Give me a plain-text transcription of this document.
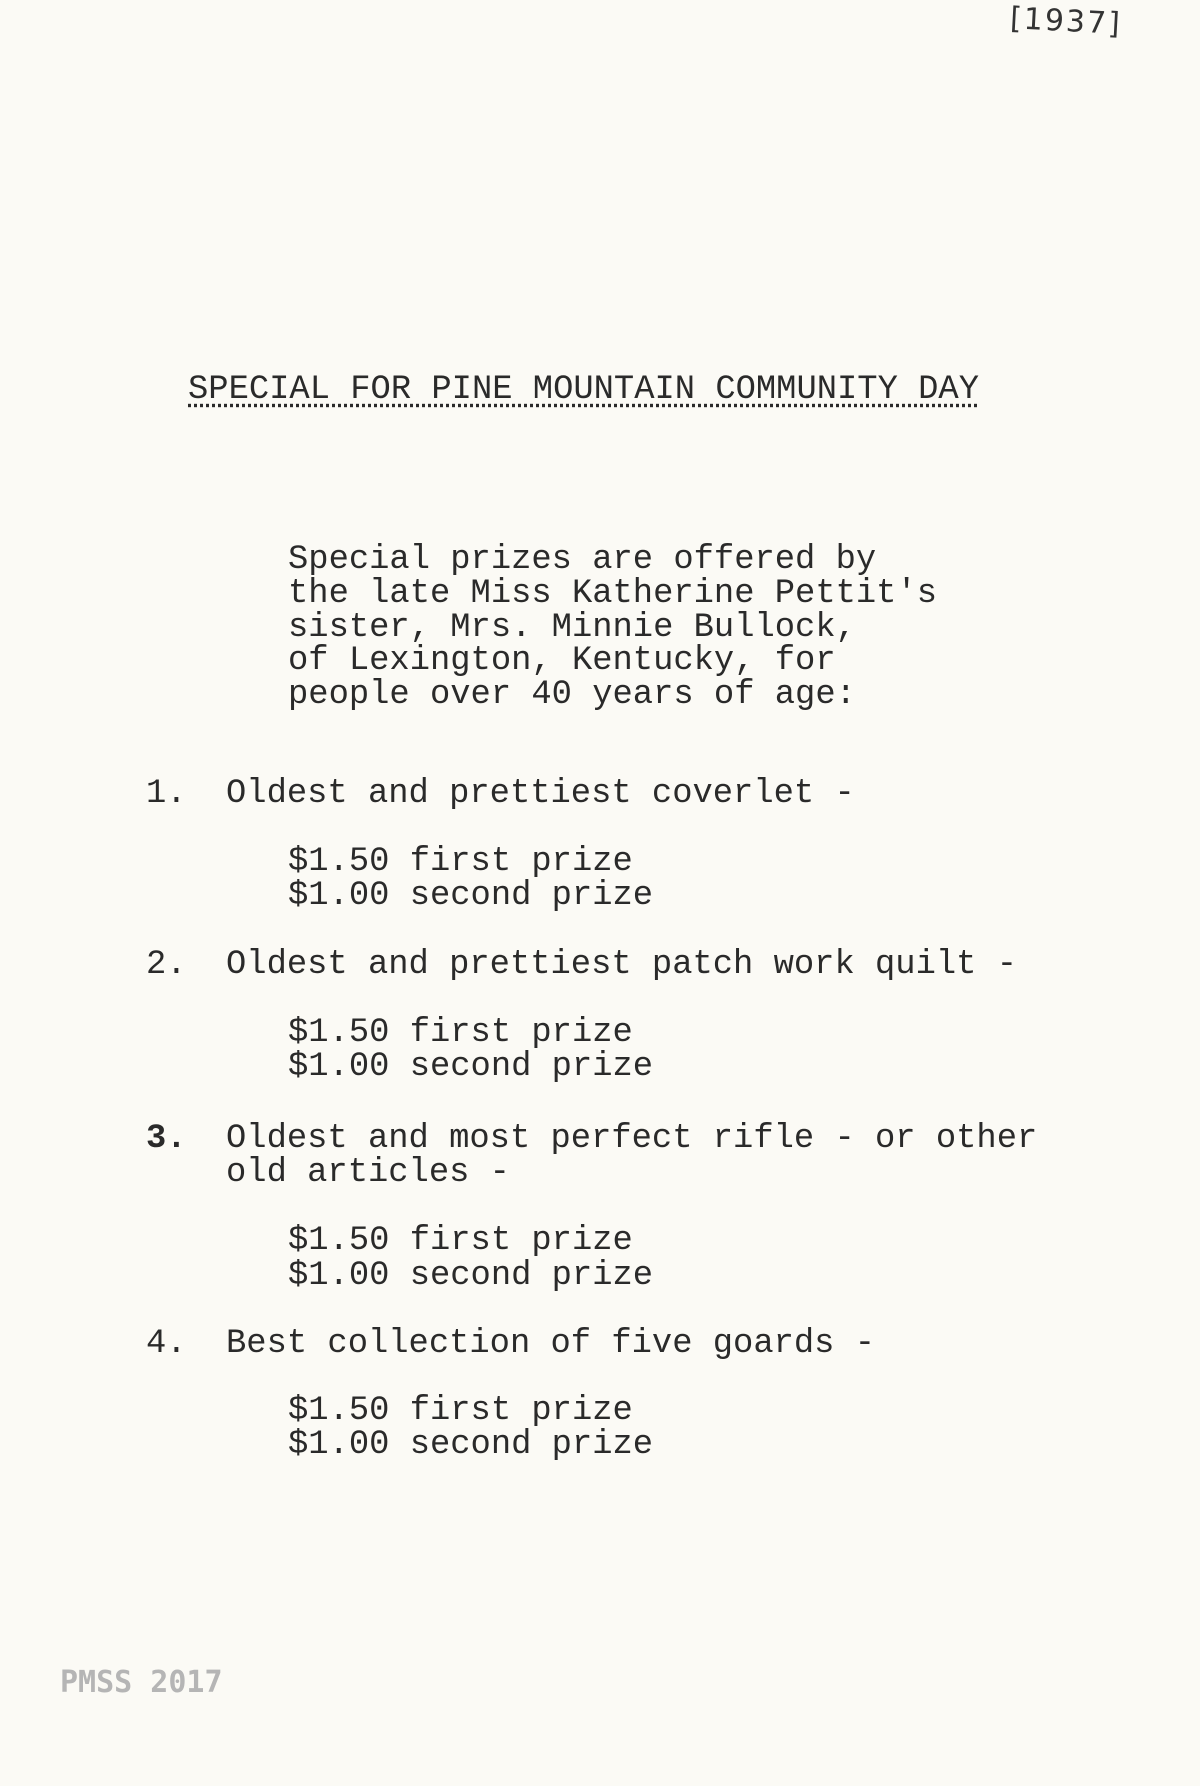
[1937]
SPECIAL FOR PINE MOUNTAIN COMMUNITY DAY
Special prizes are offered by
the late Miss Katherine Pettit's
sister, Mrs. Minnie Bullock,
of Lexington, Kentucky, for
people over 40 years of age:
1. Oldest and prettiest coverlet -
$1.50 first prize
$1.00 second prize
2. Oldest and prettiest patch work quilt -
$1.50 first prize
$1.00 second prize
3. Oldest and most perfect rifle - or other
old articles -
$1.50 first prize
$1.00 second prize
4. Best collection of five goards -
$1.50 first prize
$1.00 second prize
PMSS 2017
